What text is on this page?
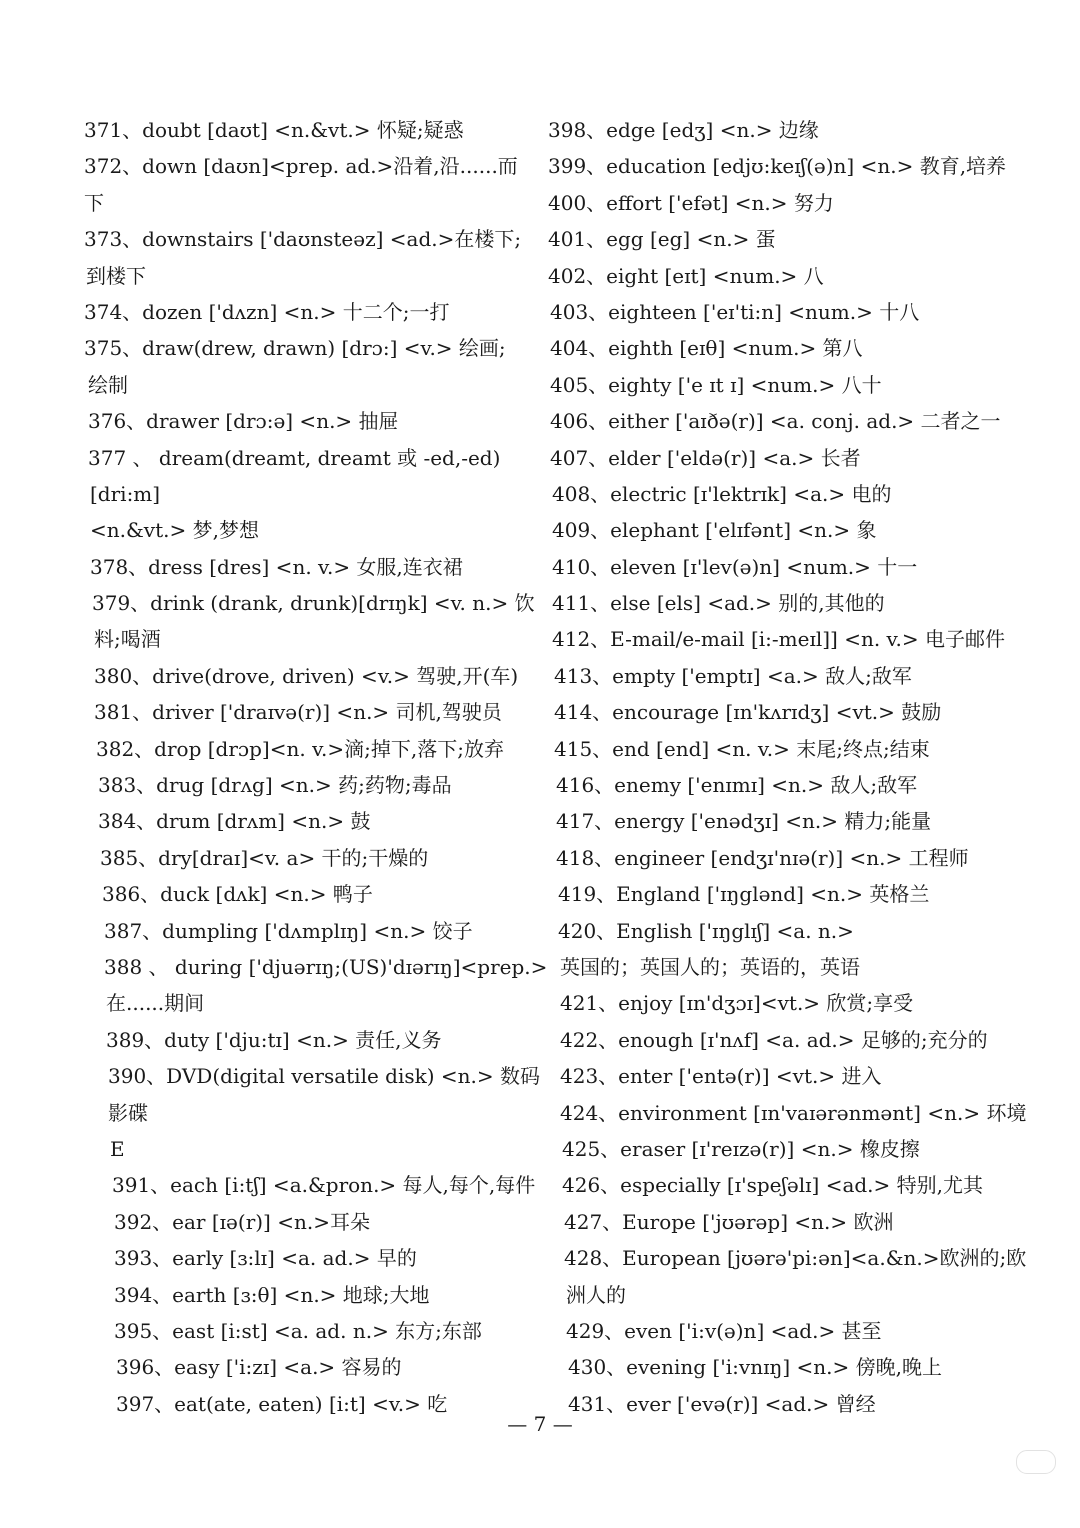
371、doubt [daʊt] <n.&vt.> 怀疑;疑惑
372、down [daʊn]<prep. ad.>沿着,沿......而
下
373、downstairs ['daʊnsteəz] <ad.>在楼下;
到楼下
374、dozen ['dʌzn] <n.> 十二个;一打
375、draw(drew, drawn) [drɔ:] <v.> 绘画;
绘制
376、drawer [drɔ:ə] <n.> 抽屉
377 、 dream(dreamt, dreamt 或 -ed,-ed)
[dri:m]
<n.&vt.> 梦,梦想
378、dress [dres] <n. v.> 女服,连衣裙
379、drink (drank, drunk)[drɪŋk] <v. n.> 饮
料;喝酒
380、drive(drove, driven) <v.> 驾驶,开(车)
381、driver ['draɪvə(r)] <n.> 司机,驾驶员
382、drop [drɔp]<n. v.>滴;掉下,落下;放弃
383、drug [drʌg] <n.> 药;药物;毒品
384、drum [drʌm] <n.> 鼓
385、dry[draɪ]<v. a> 干的;干燥的
386、duck [dʌk] <n.> 鸭子
387、dumpling ['dʌmplɪŋ] <n.> 饺子
388 、 during ['djuərɪŋ;(US)'dɪərɪŋ]<prep.>
在......期间
389、duty ['dju:tɪ] <n.> 责任,义务
390、DVD(digital versatile disk) <n.> 数码
影碟
E
391、each [i:tʃ] <a.&pron.> 每人,每个,每件
392、ear [ɪə(r)] <n.>耳朵
393、early [ɜ:lɪ] <a. ad.> 早的
394、earth [ɜ:θ] <n.> 地球;大地
395、east [i:st] <a. ad. n.> 东方;东部
396、easy ['i:zɪ] <a.> 容易的
397、eat(ate, eaten) [i:t] <v.> 吃
398、edge [edʒ] <n.> 边缘
399、education [edjʊ:keɪʃ(ə)n] <n.> 教育,培养
400、effort ['efət] <n.> 努力
401、egg [eg] <n.> 蛋
402、eight [eɪt] <num.> 八
403、eighteen ['eɪ'ti:n] <num.> 十八
404、eighth [eɪθ] <num.> 第八
405、eighty ['e ɪt ɪ] <num.> 八十
406、either ['aɪðə(r)] <a. conj. ad.> 二者之一
407、elder ['eldə(r)] <a.> 长者
408、electric [ɪ'lektrɪk] <a.> 电的
409、elephant ['elɪfənt] <n.> 象
410、eleven [ɪ'lev(ə)n] <num.> 十一
411、else [els] <ad.> 别的,其他的
412、E-mail/e-mail [i:-meɪl]] <n. v.> 电子邮件
413、empty ['emptɪ] <a.> 敌人;敌军
414、encourage [ɪn'kʌrɪdʒ] <vt.> 鼓励
415、end [end] <n. v.> 末尾;终点;结束
416、enemy ['enɪmɪ] <n.> 敌人;敌军
417、energy ['enədʒɪ] <n.> 精力;能量
418、engineer [endʒɪ'nɪə(r)] <n.> 工程师
419、England ['ɪŋglənd] <n.> 英格兰
420、English ['ɪŋglɪʃ] <a. n.>
英国的；英国人的；英语的，英语
421、enjoy [ɪn'dʒɔɪ]<vt.> 欣赏;享受
422、enough [ɪ'nʌf] <a. ad.> 足够的;充分的
423、enter ['entə(r)] <vt.> 进入
424、environment [ɪn'vaɪərənmənt] <n.> 环境
425、eraser [ɪ'reɪzə(r)] <n.> 橡皮擦
426、especially [ɪ'speʃəlɪ] <ad.> 特别,尤其
427、Europe ['jʊərəp] <n.> 欧洲
428、European [jʊərə'pi:ən]<a.&n.>欧洲的;欧
洲人的
429、even ['i:v(ə)n] <ad.> 甚至
430、evening ['i:vnɪŋ] <n.> 傍晚,晚上
431、ever ['evə(r)] <ad.> 曾经
— 7 —
